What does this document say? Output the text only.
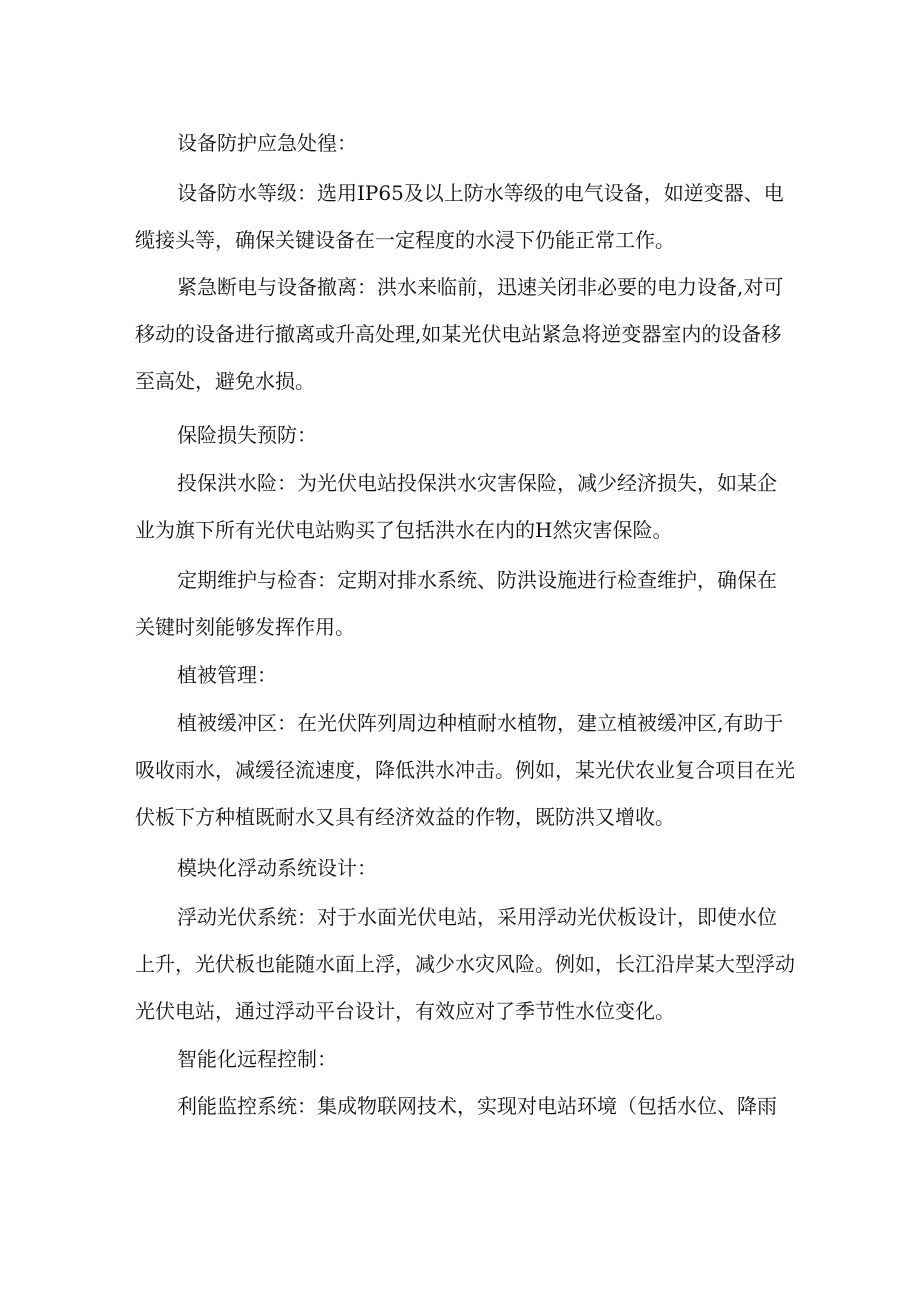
设备防护应急处徨：

设备防水等级：选用IP65及以上防水等级的电气设备，如逆变器、电缆接头等，确保关键设备在一定程度的水浸下仍能正常工作。

紧急断电与设备撤离：洪水来临前，迅速关闭非必要的电力设备,对可移动的设备进行撤离或升高处理,如某光伏电站紧急将逆变器室内的设备移至高处，避免水损。

保险损失预防：

投保洪水险：为光伏电站投保洪水灾害保险，减少经济损失，如某企业为旗下所有光伏电站购买了包括洪水在内的H然灾害保险。

定期维护与检杳：定期对排水系统、防洪设施进行检查维护，确保在关键时刻能够发挥作用。

植被管理：

植被缓冲区：在光伏阵列周边种植耐水植物，建立植被缓冲区,有助于吸收雨水，减缓径流速度，降低洪水冲击。例如，某光伏农业复合项目在光伏板下方种植既耐水又具有经济效益的作物，既防洪又增收。

模块化浮动系统设计：

浮动光伏系统：对于水面光伏电站，采用浮动光伏板设计，即使水位上升，光伏板也能随水面上浮，减少水灾风险。例如，长江沿岸某大型浮动光伏电站，通过浮动平台设计，有效应对了季节性水位变化。

智能化远程控制：

利能监控系统：集成物联网技术，实现对电站环境（包括水位、降雨
